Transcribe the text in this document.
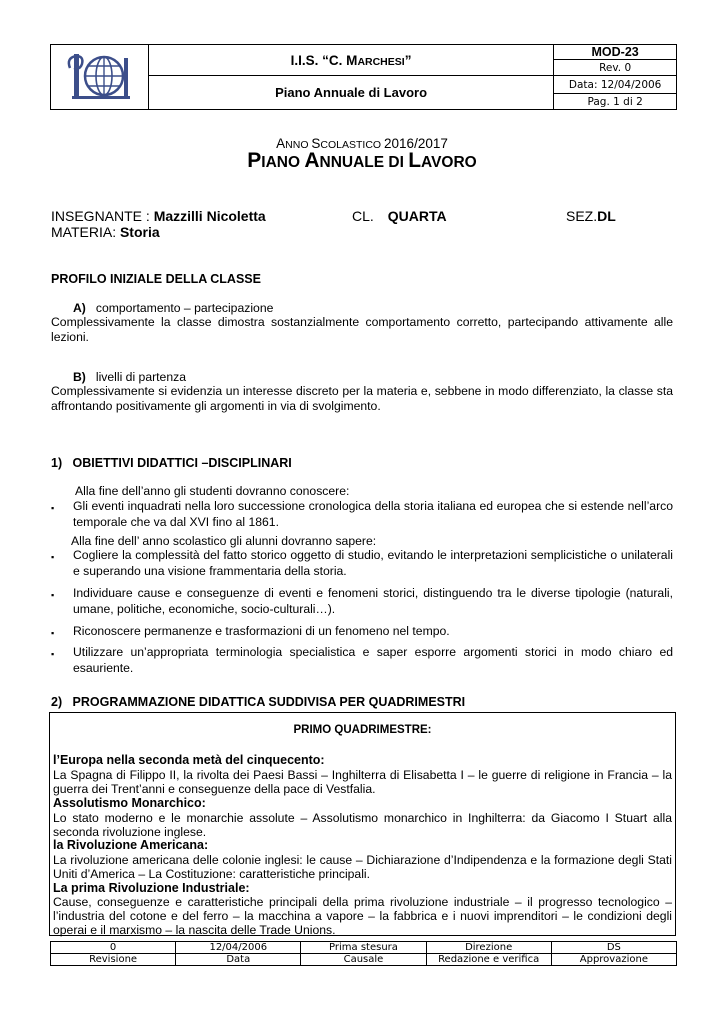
	I.I.S. “C. MARCHESI”	MOD-23
		Rev. 0
	Piano Annuale di Lavoro	Data: 12/04/2006
		Pag. 1 di 2
ANNO SCOLASTICO 2016/2017
PIANO ANNUALE DI LAVORO
INSEGNANTE : Mazzilli Nicoletta	CL. QUARTA	SEZ.DL
MATERIA: Storia
PROFILO INIZIALE DELLA CLASSE
A) comportamento – partecipazione
Complessivamente la classe dimostra sostanzialmente comportamento corretto, partecipando attivamente alle lezioni.
B) livelli di partenza
Complessivamente si evidenzia un interesse discreto per la materia e, sebbene in modo differenziato, la classe sta affrontando positivamente gli argomenti in via di svolgimento.
1)   OBIETTIVI DIDATTICI –DISCIPLINARI
Alla fine dell’anno gli studenti dovranno conoscere:
▪ Gli eventi inquadrati nella loro successione cronologica della storia italiana ed europea che si estende nell’arco temporale che va dal XVI fino al 1861.
Alla fine dell’ anno scolastico gli alunni dovranno sapere:
▪ Cogliere la complessità del fatto storico oggetto di studio, evitando le interpretazioni semplicistiche o unilaterali e superando una visione frammentaria della storia.
▪ Individuare cause e conseguenze di eventi e fenomeni storici, distinguendo tra le diverse tipologie (naturali, umane, politiche, economiche, socio-culturali…).
▪ Riconoscere permanenze e trasformazioni di un fenomeno nel tempo.
▪ Utilizzare un’appropriata terminologia specialistica e saper esporre argomenti storici in modo chiaro ed esauriente.
2)   PROGRAMMAZIONE DIDATTICA SUDDIVISA PER QUADRIMESTRI
PRIMO QUADRIMESTRE:
l’Europa nella seconda metà del cinquecento:
La Spagna di Filippo II, la rivolta dei Paesi Bassi – Inghilterra di Elisabetta I – le guerre di religione in Francia – la guerra dei Trent’anni e conseguenze della pace di Vestfalia.
Assolutismo Monarchico:
Lo stato moderno e le monarchie assolute – Assolutismo monarchico in Inghilterra: da Giacomo I Stuart alla seconda rivoluzione inglese.
la Rivoluzione Americana:
La rivoluzione americana delle colonie inglesi: le cause – Dichiarazione d’Indipendenza e la formazione degli Stati Uniti d’America – La Costituzione: caratteristiche principali.
La prima Rivoluzione Industriale:
Cause, conseguenze e caratteristiche principali della prima rivoluzione industriale – il progresso tecnologico – l’industria del cotone e del ferro – la macchina a vapore – la fabbrica e i nuovi imprenditori – le condizioni degli operai e il marxismo – la nascita delle Trade Unions.
0	12/04/2006	Prima stesura	Direzione	DS
Revisione	Data	Causale	Redazione e verifica	Approvazione
